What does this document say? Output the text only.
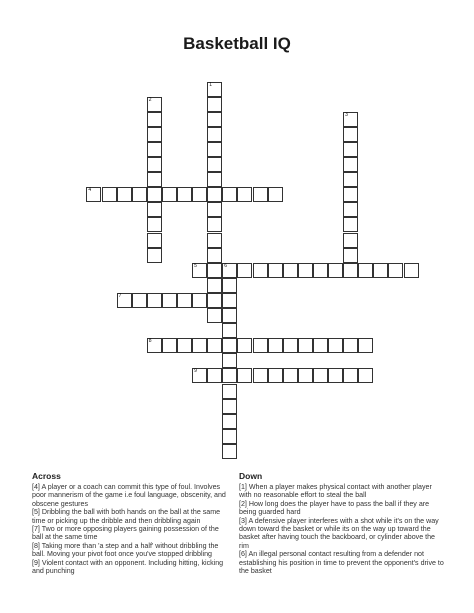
Basketball IQ
1
2
3
4
5	6
7
8
9
Across
[4] A player or a coach can commit this type of foul. Involves poor mannerism of the game i.e foul language, obscenity, and obscene gestures
[5] Dribbling the ball with both hands on the ball at the same time or picking up the dribble and then dribbling again
[7] Two or more opposing players gaining possession of the ball at the same time
[8] Taking more than 'a step and a half' without dribbling the ball. Moving your pivot foot once you've stopped dribbling
[9] Violent contact with an opponent. Including hitting, kicking and punching
Down
[1] When a player makes physical contact with another player with no reasonable effort to steal the ball
[2] How long does the player have to pass the ball if they are being guarded hard
[3] A defensive player interferes with a shot while it's on the way down toward the basket or while its on the way up toward the basket after having touch the backboard, or cylinder above the rim
[6] An illegal personal contact resulting from a defender not establishing his position in time to prevent the opponent's drive to the basket
